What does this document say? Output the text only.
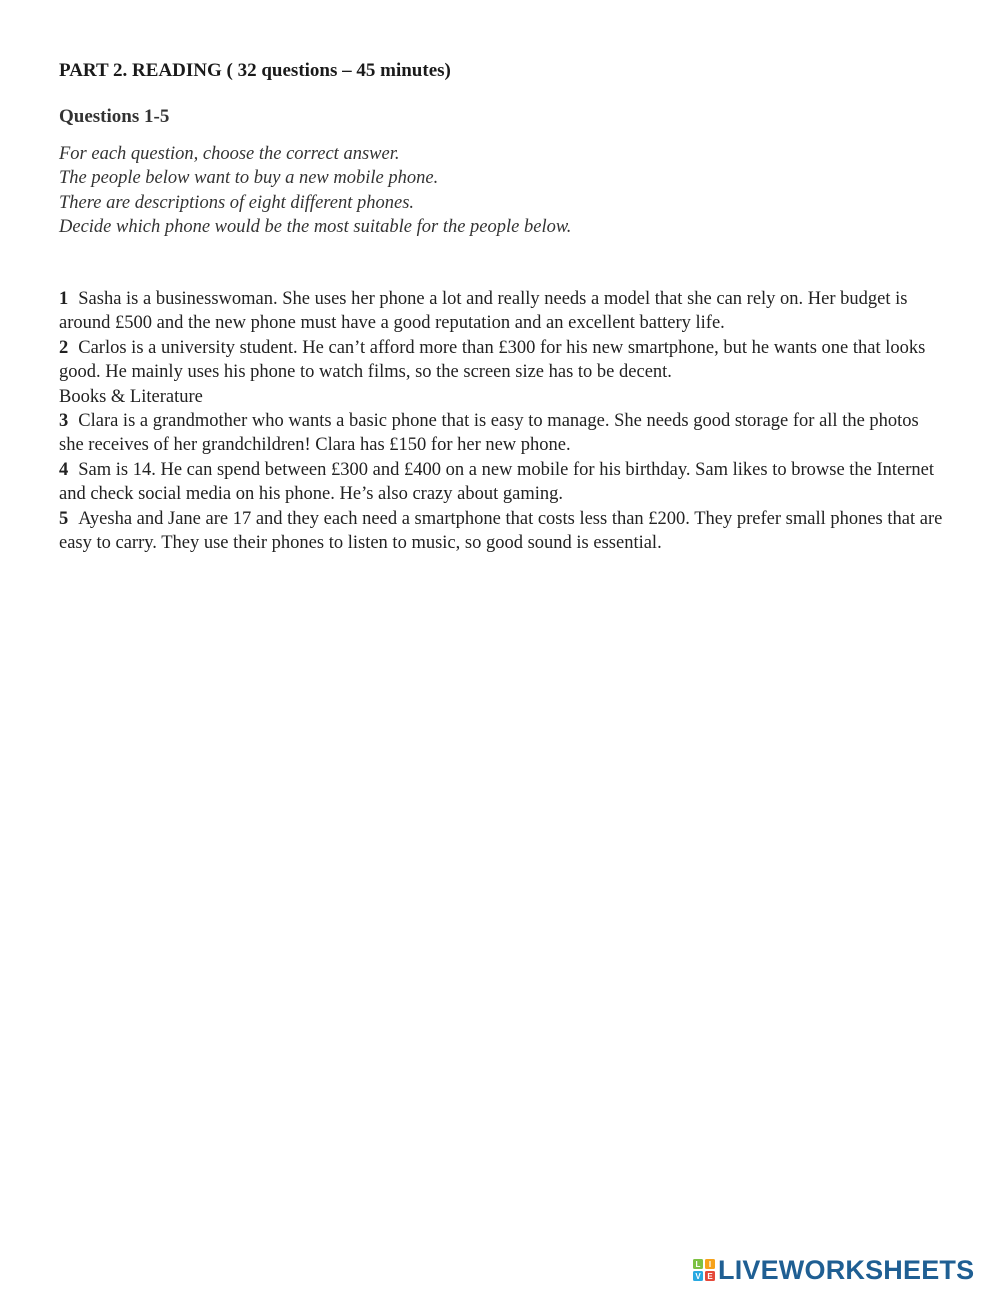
PART 2. READING ( 32 questions – 45 minutes)
Questions 1-5
For each question, choose the correct answer.
The people below want to buy a new mobile phone.
There are descriptions of eight different phones.
Decide which phone would be the most suitable for the people below.

1 Sasha is a businesswoman. She uses her phone a lot and really needs a model that she can rely on. Her budget is around £500 and the new phone must have a good reputation and an excellent battery life.

2 Carlos is a university student. He can’t afford more than £300 for his new smartphone, but he wants one that looks good. He mainly uses his phone to watch films, so the screen size has to be decent.
Books & Literature

3 Clara is a grandmother who wants a basic phone that is easy to manage. She needs good storage for all the photos she receives of her grandchildren! Clara has £150 for her new phone.

4 Sam is 14. He can spend between £300 and £400 on a new mobile for his birthday. Sam likes to browse the Internet and check social media on his phone. He’s also crazy about gaming.

5 Ayesha and Jane are 17 and they each need a smartphone that costs less than £200. They prefer small phones that are easy to carry. They use their phones to listen to music, so good sound is essential.

L I
V E LIVEWORKSHEETS
